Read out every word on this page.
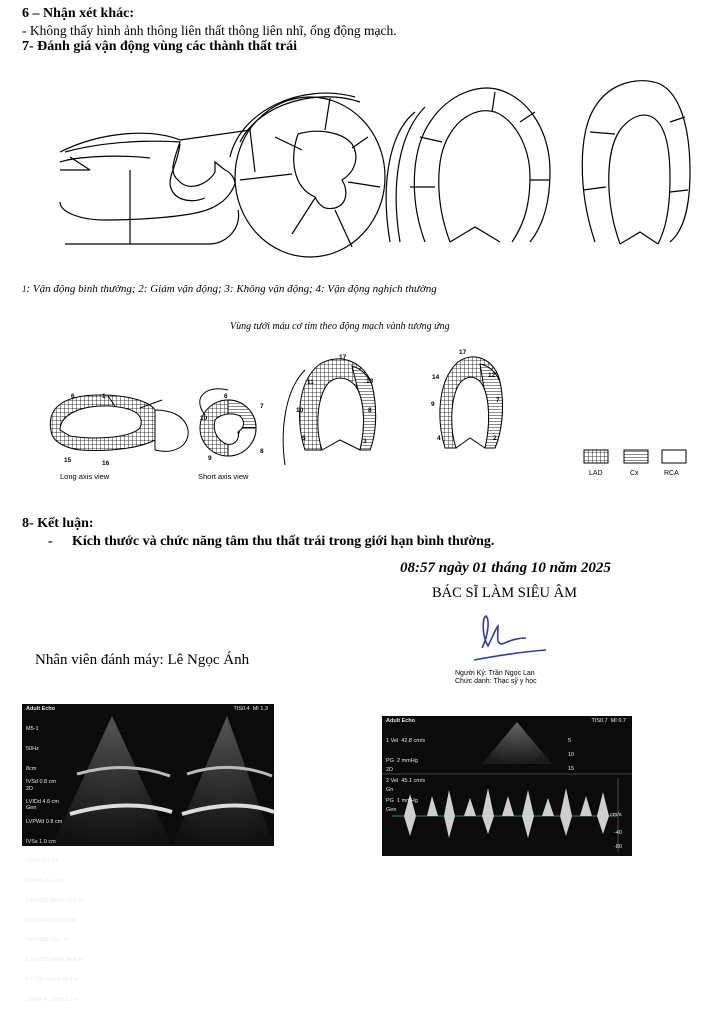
6 – Nhận xét khác:
- Không thấy hình ảnh thông liên thất thông liên nhĩ, ống động mạch.
7- Đánh giá vận động vùng các thành thất trái
1: Vận động bình thường; 2: Giảm vận động; 3: Không vận động; 4: Vận động nghịch thường
Vùng tưới máu cơ tim theo động mạch vành tương ứng
6	1
15	16
Long axis view
6
7
10
8
9
Short axis view
17
11	13
10	8
5	3
17
14	12
9
7
4	2
LAD	Cx	RCA
8- Kết luận:
- Kích thước và chức năng tâm thu thất trái trong giới hạn bình thường.
08:57 ngày 01 tháng 10 năm 2025
BÁC SĨ LÀM SIÊU ÂM
Người Ký: Trần Ngọc Lan
Chức danh: Thạc sỹ y học
Nhân viên đánh máy: Lê Ngọc Ánh
Adult Echo	TIS0.4  MI 1.3

M5-1

50Hz

8cm

2D

Gen

IVSd 0.8 cm

LVIDd 4.6 cm

LVPWd 0.8 cm

IVSs 1.0 cm

LVIDs 3.4 cm

LVPWs 1.1 cm

EDV (2D-Teich) 75.0 ml

IVS/LVPW (2D) 1.00

%FS (2D) 26.7 %

ESV (2D-Teich) 34.8 ml

EF (2D-Teich) 54.0 %

LVPW % (2D) 83.3 %

Adult Echo	TIS0.7  MI 0.7

1 Vel  42.8 cm/s

PG  2 mmHg

2 Vel  45.1 cm/s

PG  1 mmHg

2D

Gn

Gen

5
10
15
cm/s
-40
-80
